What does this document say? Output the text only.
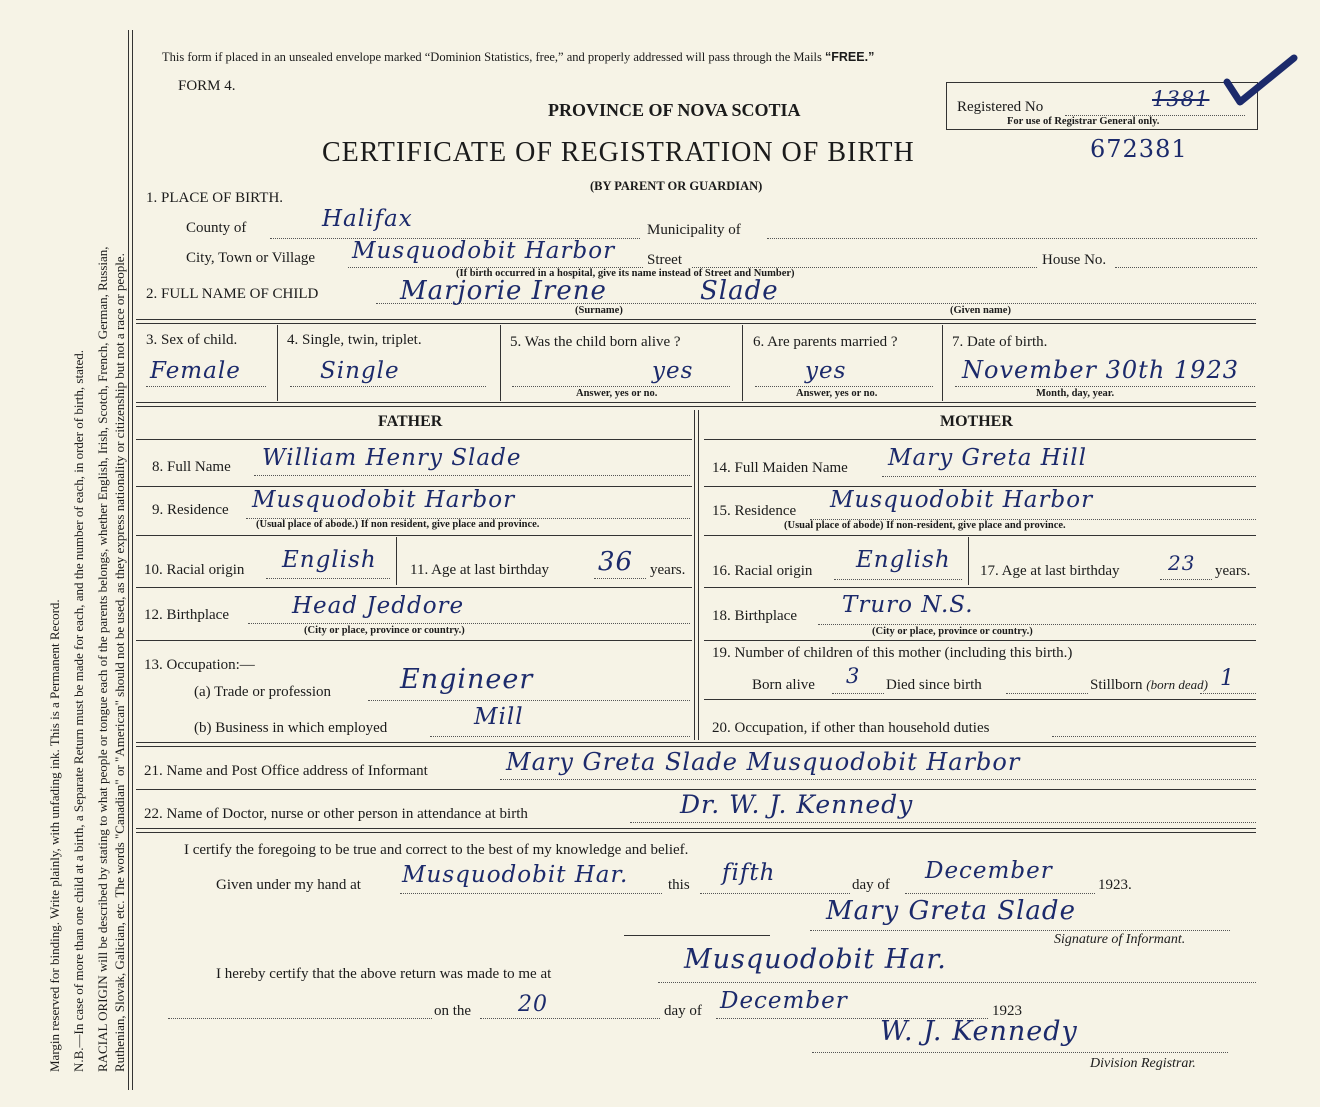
Margin reserved for binding. Write plainly, with unfading ink. This is a Permanent Record. N.B.—In case of more than one child at a birth, a Separate Return must be made for each, and the number of each, in order of birth, stated. RACIAL ORIGIN will be described by stating to what people or tongue each of the parents belongs, whether English, Irish, Scotch, French, German, Russian, Ruthenian, Slovak, Galician, etc. The words "Canadian" or "American" should not be used, as they express nationality or citizenship but not a race or people.
This form if placed in an unsealed envelope marked “Dominion Statistics, free,” and properly addressed will pass through the Mails “FREE.”
FORM 4.
PROVINCE OF NOVA SCOTIA	Registered No	1381
For use of Registrar General only.
CERTIFICATE OF REGISTRATION OF BIRTH	672381
(BY PARENT OR GUARDIAN)
1. PLACE OF BIRTH.
County of	Halifax	Municipality of
City, Town or Village Musquodobit Harbor Street	House No.
(If birth occurred in a hospital, give its name instead of Street and Number)
2. FULL NAME OF CHILD	Marjorie Irene	Slade
(Surname)	(Given name)
3. Sex of child.
Female
4. Single, twin, triplet.
Single
5. Was the child born alive ?
yes
Answer, yes or no.
6. Are parents married ?
yes
Answer, yes or no.
7. Date of birth.
November 30th 1923
Month, day, year.
FATHER	MOTHER
8. Full Name William Henry Slade
9. Residence Musquodobit Harbor
(Usual place of abode.) If non resident, give place and province.
10. Racial origin English 11. Age at last birthday 36 years.
12. Birthplace	Head Jeddore
(City or place, province or country.)
13. Occupation:—
(a) Trade or profession	Engineer
(b) Business in which employed	Mill
14. Full Maiden Name Mary Greta Hill
15. Residence Musquodobit Harbor
(Usual place of abode) If non-resident, give place and province.
16. Racial origin English 17. Age at last birthday 23 years.
18. Birthplace Truro N.S.
(City or place, province or country.)
19. Number of children of this mother (including this birth.)
Born alive 3 Died since birth	Stillborn (born dead) 1
20. Occupation, if other than household duties
21. Name and Post Office address of Informant	Mary Greta Slade Musquodobit Harbor
22. Name of Doctor, nurse or other person in attendance at birth	Dr. W. J. Kennedy
I certify the foregoing to be true and correct to the best of my knowledge and belief.
Given under my hand at Musquodobit Har.	this fifth	day of
December
1923.
Mary Greta Slade
Signature of Informant.
I hereby certify that the above return was made to me at	Musquodobit Har.
on the 20	day of December	1923
W. J. Kennedy
Division Registrar.
